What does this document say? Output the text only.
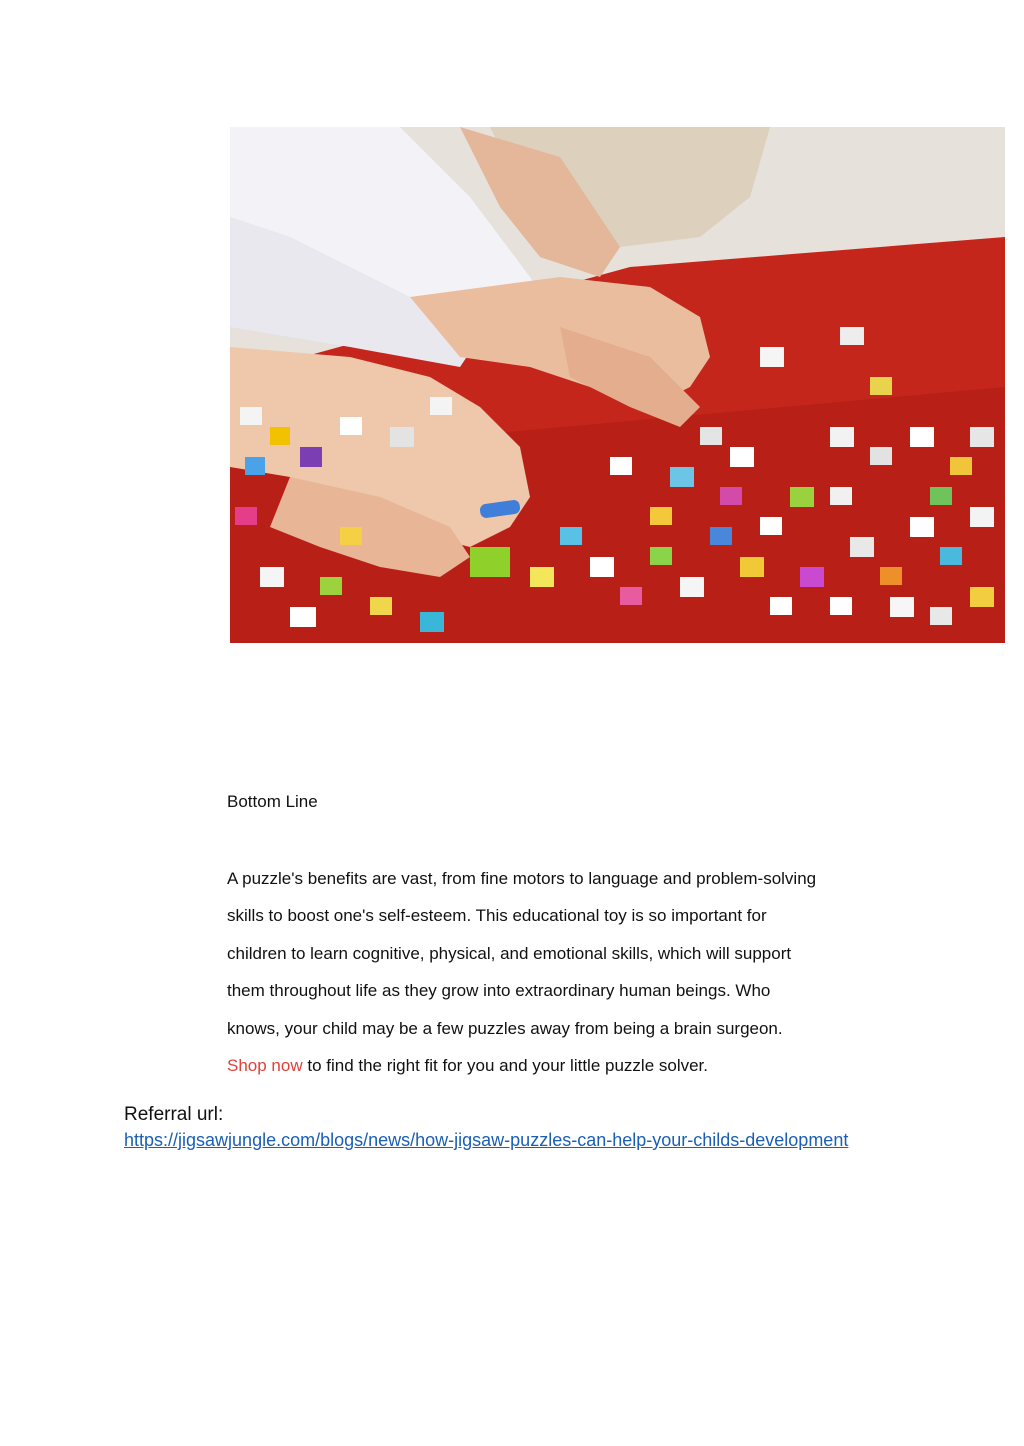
Bottom Line
A puzzle's benefits are vast, from fine motors to language and problem-solving
skills to boost one's self-esteem. This educational toy is so important for
children to learn cognitive, physical, and emotional skills, which will support
them throughout life as they grow into extraordinary human beings. Who
knows, your child may be a few puzzles away from being a brain surgeon.
Shop now to find the right fit for you and your little puzzle solver.
Referral url:
https://jigsawjungle.com/blogs/news/how-jigsaw-puzzles-can-help-your-childs-development
